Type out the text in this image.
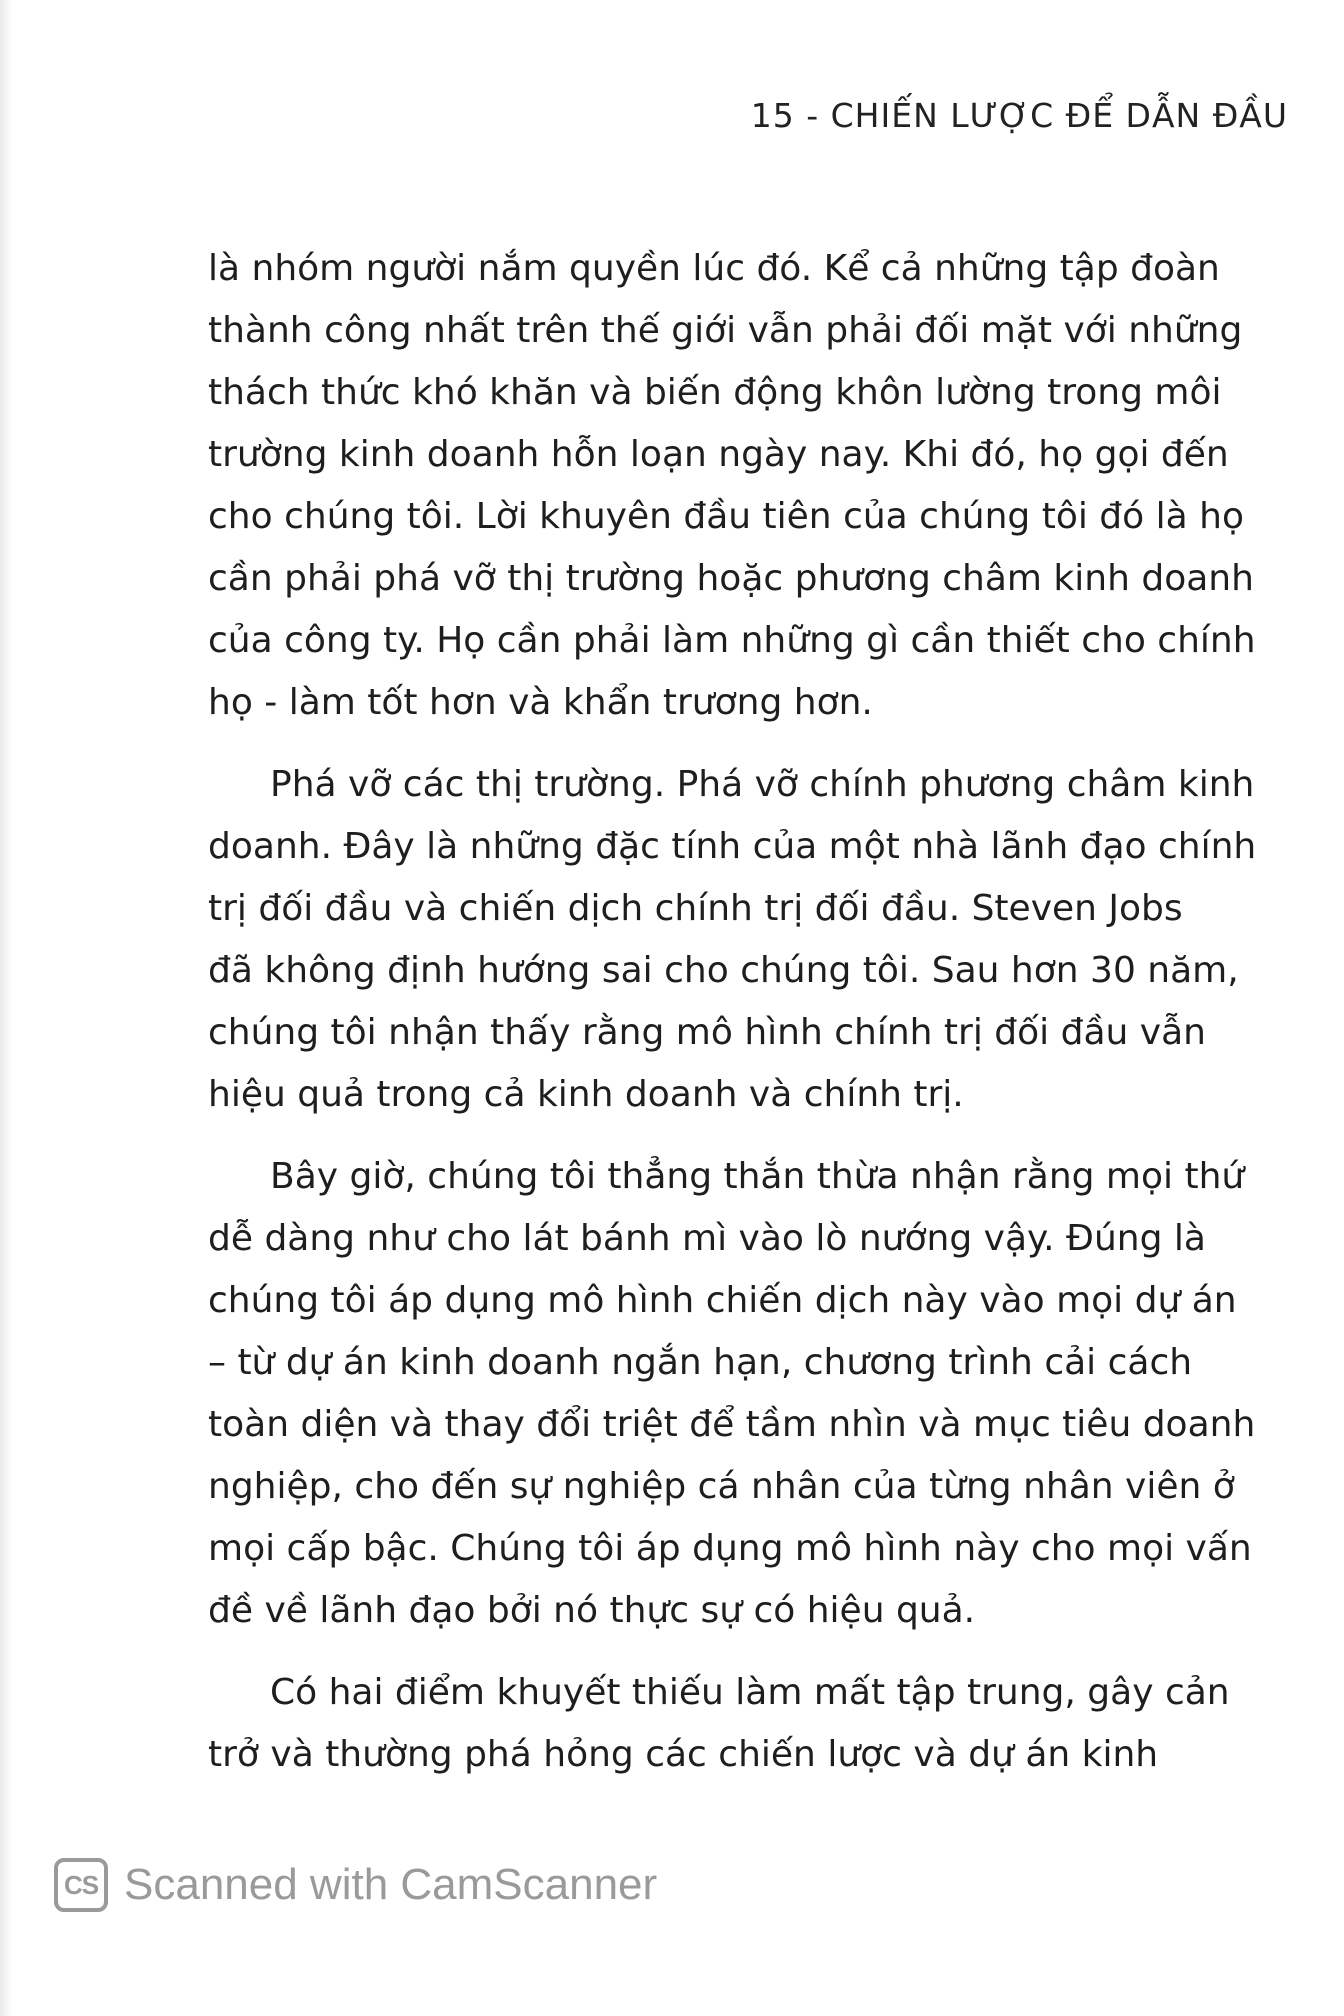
15 - CHIẾN LƯỢC ĐỂ DẪN ĐẦU
là nhóm người nắm quyền lúc đó. Kể cả những tập đoàn
thành công nhất trên thế giới vẫn phải đối mặt với những
thách thức khó khăn và biến động khôn lường trong môi
trường kinh doanh hỗn loạn ngày nay. Khi đó, họ gọi đến
cho chúng tôi. Lời khuyên đầu tiên của chúng tôi đó là họ
cần phải phá vỡ thị trường hoặc phương châm kinh doanh
của công ty. Họ cần phải làm những gì cần thiết cho chính
họ - làm tốt hơn và khẩn trương hơn.
Phá vỡ các thị trường. Phá vỡ chính phương châm kinh
doanh. Đây là những đặc tính của một nhà lãnh đạo chính
trị đối đầu và chiến dịch chính trị đối đầu. Steven Jobs
đã không định hướng sai cho chúng tôi. Sau hơn 30 năm,
chúng tôi nhận thấy rằng mô hình chính trị đối đầu vẫn
hiệu quả trong cả kinh doanh và chính trị.
Bây giờ, chúng tôi thẳng thắn thừa nhận rằng mọi thứ
dễ dàng như cho lát bánh mì vào lò nướng vậy. Đúng là
chúng tôi áp dụng mô hình chiến dịch này vào mọi dự án
– từ dự án kinh doanh ngắn hạn, chương trình cải cách
toàn diện và thay đổi triệt để tầm nhìn và mục tiêu doanh
nghiệp, cho đến sự nghiệp cá nhân của từng nhân viên ở
mọi cấp bậc. Chúng tôi áp dụng mô hình này cho mọi vấn
đề về lãnh đạo bởi nó thực sự có hiệu quả.
Có hai điểm khuyết thiếu làm mất tập trung, gây cản
trở và thường phá hỏng các chiến lược và dự án kinh
CS Scanned with CamScanner
